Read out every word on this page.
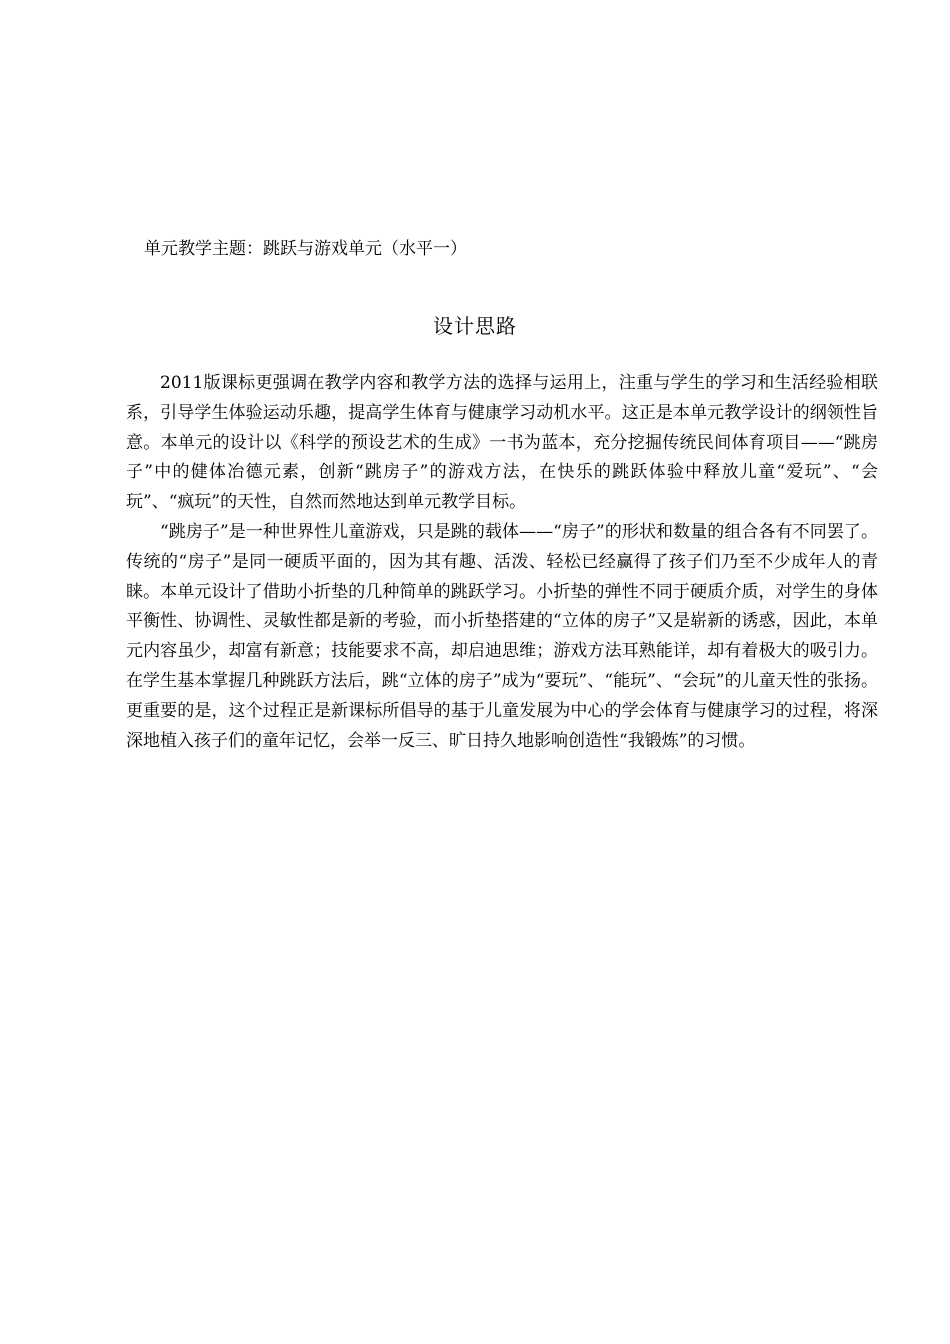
单元教学主题：跳跃与游戏单元（水平一）
设计思路

2011版课标更强调在教学内容和教学方法的选择与运用上，注重与学生的学习和生活经验相联系，引导学生体验运动乐趣，提高学生体育与健康学习动机水平。这正是本单元教学设计的纲领性旨意。本单元的设计以《科学的预设艺术的生成》一书为蓝本，充分挖掘传统民间体育项目——“跳房子”中的健体冶德元素，创新“跳房子”的游戏方法，在快乐的跳跃体验中释放儿童“爱玩”、“会玩”、“疯玩”的天性，自然而然地达到单元教学目标。

“跳房子”是一种世界性儿童游戏，只是跳的载体——“房子”的形状和数量的组合各有不同罢了。传统的“房子”是同一硬质平面的，因为其有趣、活泼、轻松已经赢得了孩子们乃至不少成年人的青睐。本单元设计了借助小折垫的几种简单的跳跃学习。小折垫的弹性不同于硬质介质，对学生的身体平衡性、协调性、灵敏性都是新的考验，而小折垫搭建的“立体的房子”又是崭新的诱惑，因此，本单元内容虽少，却富有新意；技能要求不高，却启迪思维；游戏方法耳熟能详，却有着极大的吸引力。在学生基本掌握几种跳跃方法后，跳“立体的房子”成为“要玩”、“能玩”、“会玩”的儿童天性的张扬。更重要的是，这个过程正是新课标所倡导的基于儿童发展为中心的学会体育与健康学习的过程，将深深地植入孩子们的童年记忆，会举一反三、旷日持久地影响创造性“我锻炼”的习惯。
